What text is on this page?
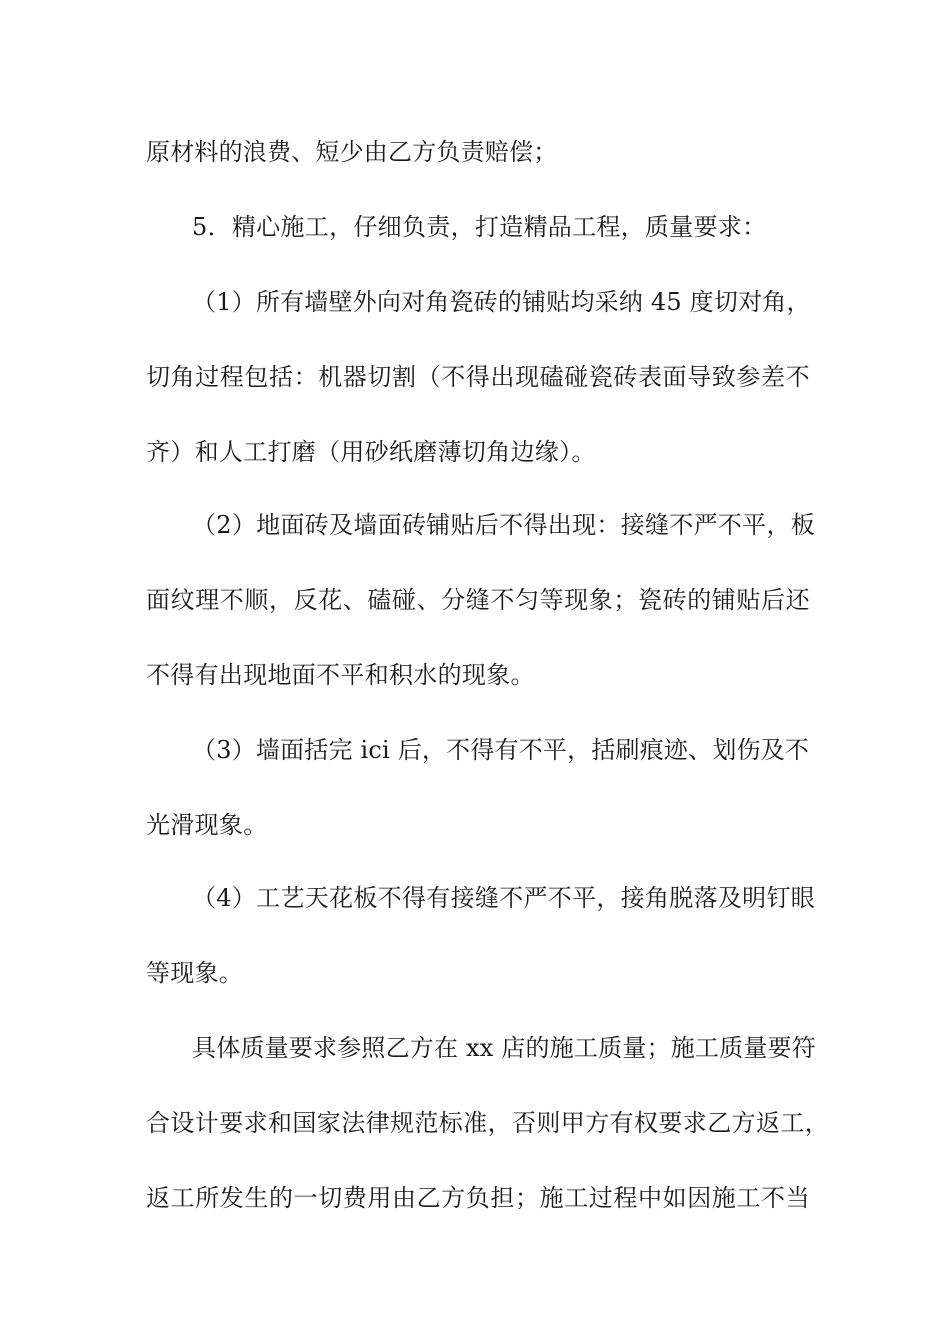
原材料的浪费、短少由乙方负责赔偿；
5．精心施工，仔细负责，打造精品工程，质量要求：
（1）所有墙壁外向对角瓷砖的铺贴均采纳 45 度切对角，
切角过程包括：机器切割（不得出现磕碰瓷砖表面导致参差不
齐）和人工打磨（用砂纸磨薄切角边缘）。
（2）地面砖及墙面砖铺贴后不得出现：接缝不严不平，板
面纹理不顺，反花、磕碰、分缝不匀等现象；瓷砖的铺贴后还
不得有出现地面不平和积水的现象。
（3）墙面括完 ici 后，不得有不平，括刷痕迹、划伤及不
光滑现象。
（4）工艺天花板不得有接缝不严不平，接角脱落及明钉眼
等现象。
具体质量要求参照乙方在 xx 店的施工质量；施工质量要符
合设计要求和国家法律规范标准，否则甲方有权要求乙方返工，
返工所发生的一切费用由乙方负担；施工过程中如因施工不当
